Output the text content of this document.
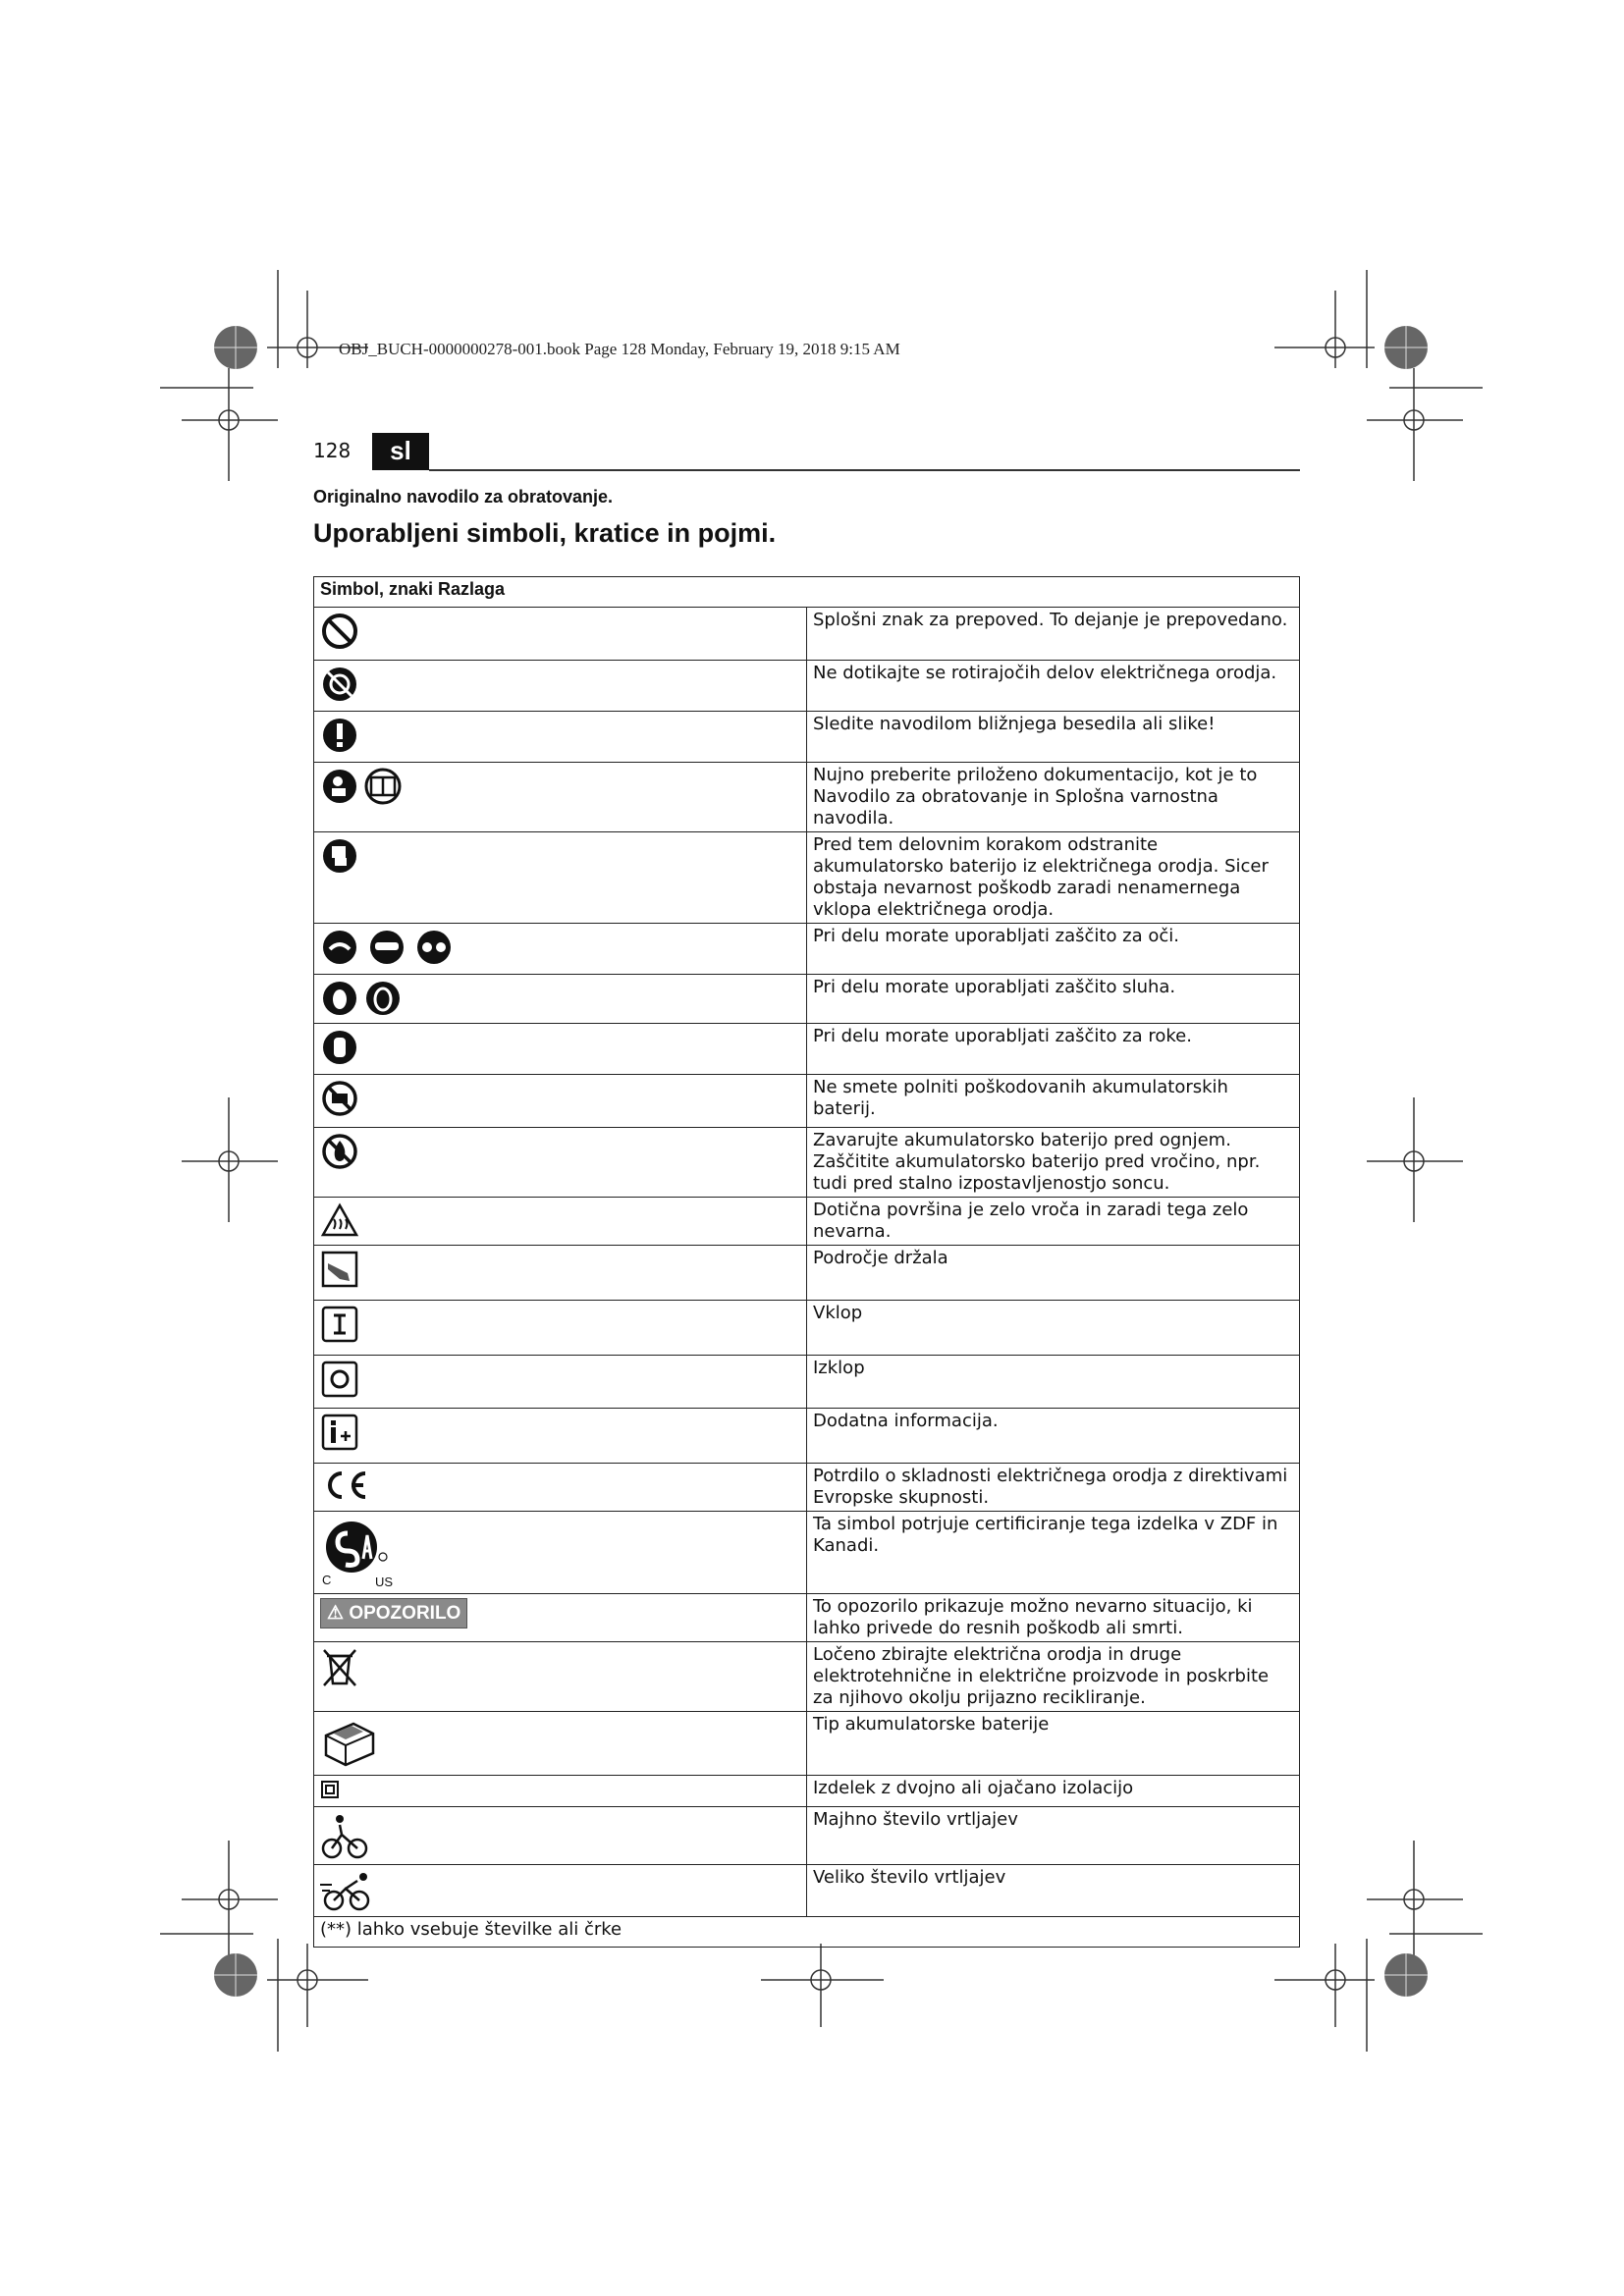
OBJ_BUCH-0000000278-001.book Page 128 Monday, February 19, 2018 9:15 AM
128	sl
Originalno navodilo za obratovanje.
Uporabljeni simboli, kratice in pojmi.
Simbol, znaki Razlaga	
	Splošni znak za prepoved. To dejanje je prepovedano.
	Ne dotikajte se rotirajočih delov električnega orodja.
	Sledite navodilom bližnjega besedila ali slike!
	Nujno preberite priloženo dokumentacijo, kot je to Navodilo za obratovanje in Splošna varnostna navodila.
	Pred tem delovnim korakom odstranite akumulatorsko baterijo iz električnega orodja. Sicer obstaja nevarnost poškodb zaradi nenamernega vklopa električnega orodja.
	Pri delu morate uporabljati zaščito za oči.
	Pri delu morate uporabljati zaščito sluha.
	Pri delu morate uporabljati zaščito za roke.
	Ne smete polniti poškodovanih akumulatorskih baterij.
	Zavarujte akumulatorsko baterijo pred ognjem. Zaščitite akumulatorsko baterijo pred vročino, npr. tudi pred stalno izpostavljenostjo soncu.
	Dotična površina je zelo vroča in zaradi tega zelo nevarna.
	Področje držala
	Vklop
	Izklop
	Dodatna informacija.
	Potrdilo o skladnosti električnega orodja z direktivami Evropske skupnosti.

C US	Ta simbol potrjuje certificiranje tega izdelka v ZDF in Kanadi.
⚠ OPOZORILO	To opozorilo prikazuje možno nevarno situacijo, ki lahko privede do resnih poškodb ali smrti.
	Ločeno zbirajte električna orodja in druge elektrotehnične in električne proizvode in poskrbite za njihovo okolju prijazno recikliranje.
	Tip akumulatorske baterije
	Izdelek z dvojno ali ojačano izolacijo
	Majhno število vrtljajev
	Veliko število vrtljajev
(**) lahko vsebuje številke ali črke	
